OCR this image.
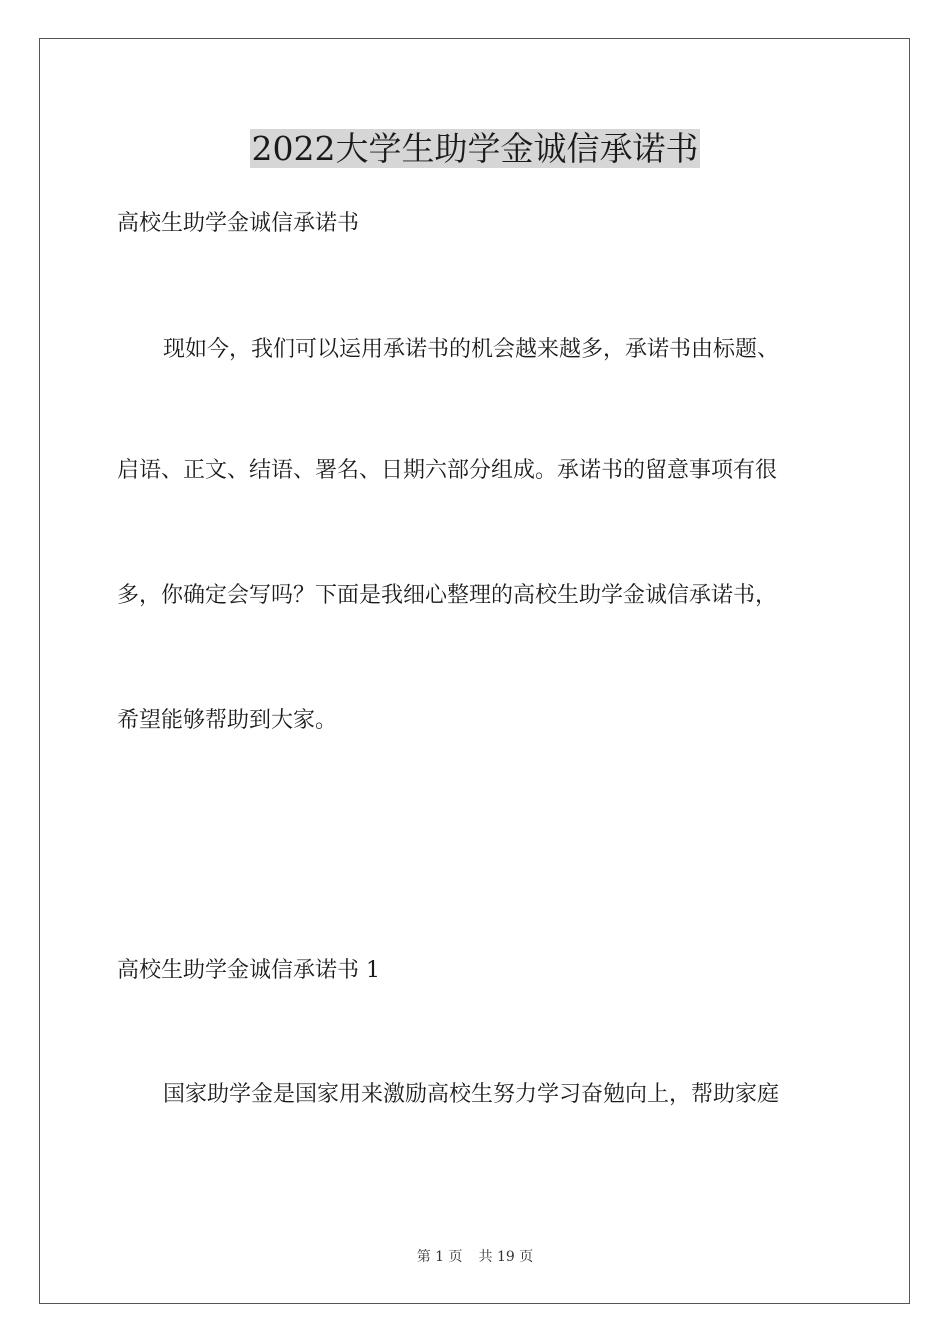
2022大学生助学金诚信承诺书
高校生助学金诚信承诺书
现如今，我们可以运用承诺书的机会越来越多，承诺书由标题、
启语、正文、结语、署名、日期六部分组成。承诺书的留意事项有很
多，你确定会写吗？下面是我细心整理的高校生助学金诚信承诺书，
希望能够帮助到大家。
高校生助学金诚信承诺书 1
国家助学金是国家用来激励高校生努力学习奋勉向上，帮助家庭
第 1 页 共 19 页
